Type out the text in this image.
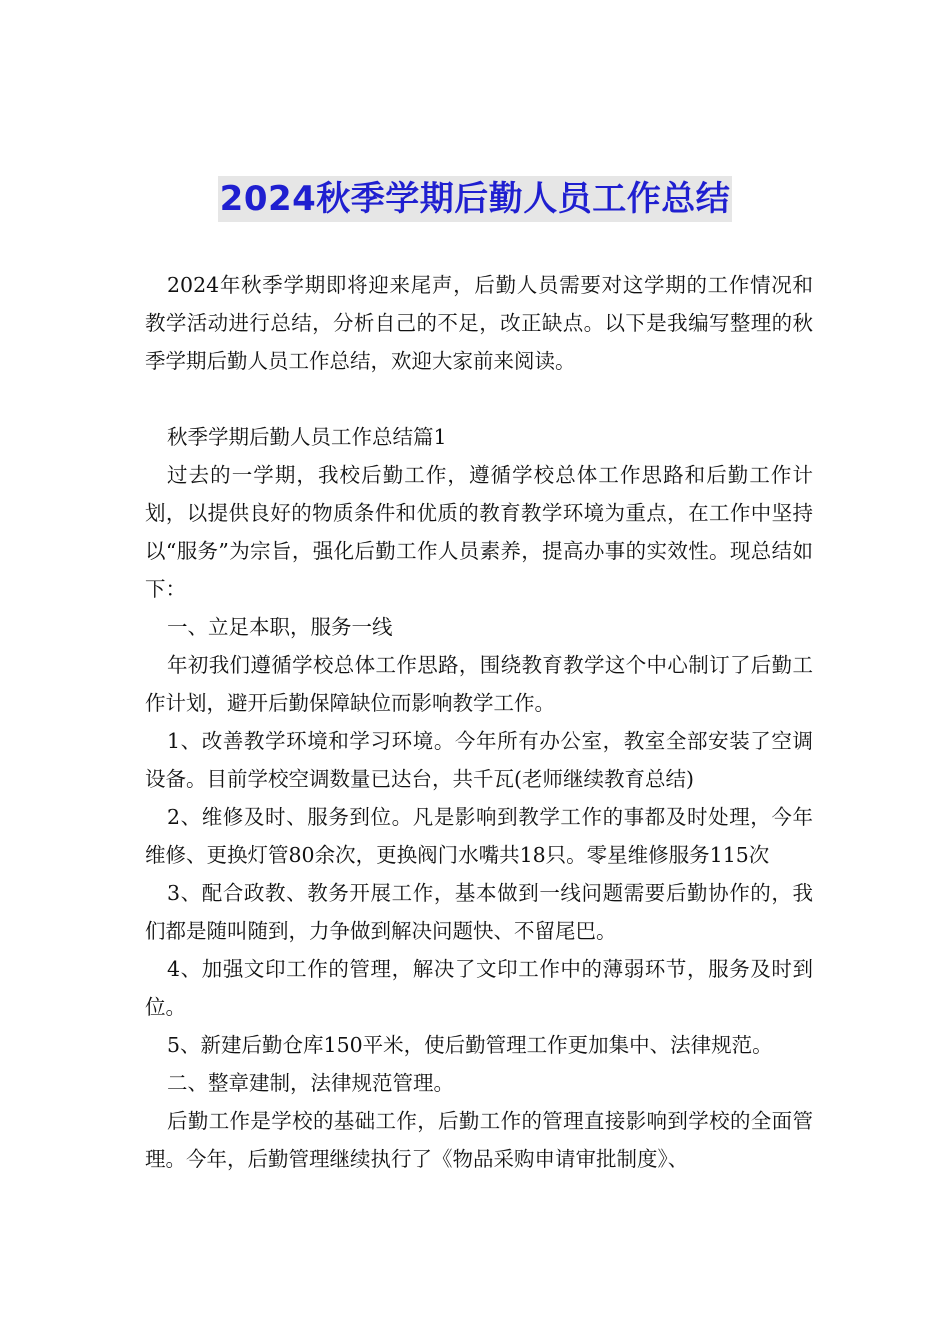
2024秋季学期后勤人员工作总结

2024年秋季学期即将迎来尾声，后勤人员需要对这学期的工作情况和教学活动进行总结，分析自己的不足，改正缺点。以下是我编写整理的秋季学期后勤人员工作总结，欢迎大家前来阅读。

秋季学期后勤人员工作总结篇1

过去的一学期，我校后勤工作，遵循学校总体工作思路和后勤工作计划，以提供良好的物质条件和优质的教育教学环境为重点，在工作中坚持以“服务”为宗旨，强化后勤工作人员素养，提高办事的实效性。现总结如下：

一、立足本职，服务一线

年初我们遵循学校总体工作思路，围绕教育教学这个中心制订了后勤工作计划，避开后勤保障缺位而影响教学工作。

1、改善教学环境和学习环境。今年所有办公室，教室全部安装了空调设备。目前学校空调数量已达台，共千瓦(老师继续教育总结)

2、维修及时、服务到位。凡是影响到教学工作的事都及时处理，今年维修、更换灯管80余次，更换阀门水嘴共18只。零星维修服务115次

3、配合政教、教务开展工作，基本做到一线问题需要后勤协作的，我们都是随叫随到，力争做到解决问题快、不留尾巴。

4、加强文印工作的管理，解决了文印工作中的薄弱环节，服务及时到位。

5、新建后勤仓库150平米，使后勤管理工作更加集中、法律规范。

二、整章建制，法律规范管理。

后勤工作是学校的基础工作，后勤工作的管理直接影响到学校的全面管理。今年，后勤管理继续执行了《物品采购申请审批制度》、
